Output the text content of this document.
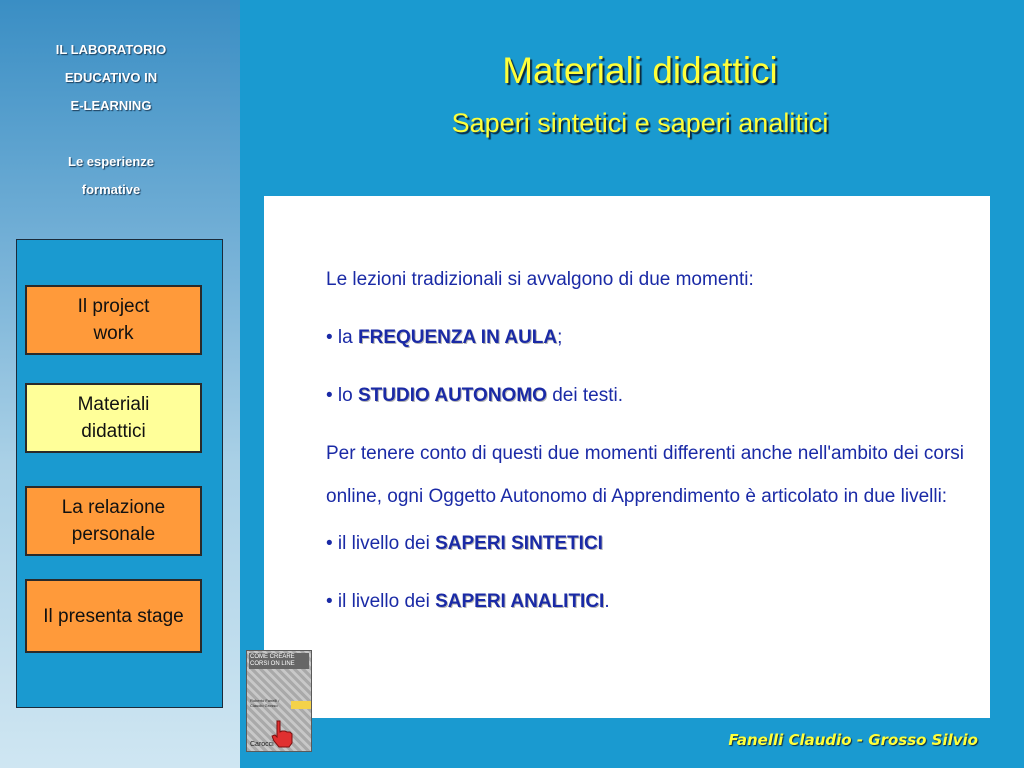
IL LABORATORIO
EDUCATIVO IN
E-LEARNING
Le esperienze
formative
Il project
work
Materiali
didattici
La relazione
personale
Il presenta stage
Materiali didattici
Saperi sintetici e saperi analitici

Le lezioni tradizionali si avvalgono di due momenti:

• la FREQUENZA IN AULA;

• lo STUDIO AUTONOMO dei testi.

Per tenere conto di questi due momenti differenti anche nell'ambito dei corsi online, ogni Oggetto Autonomo di Apprendimento è articolato in due livelli:

• il livello dei SAPERI SINTETICI

• il livello dei SAPERI ANALITICI.

COME CREARE CORSI ON LINE
Roberto Fanelli / Claudio Grosso
Carocci	Fanelli Claudio - Grosso Silvio
